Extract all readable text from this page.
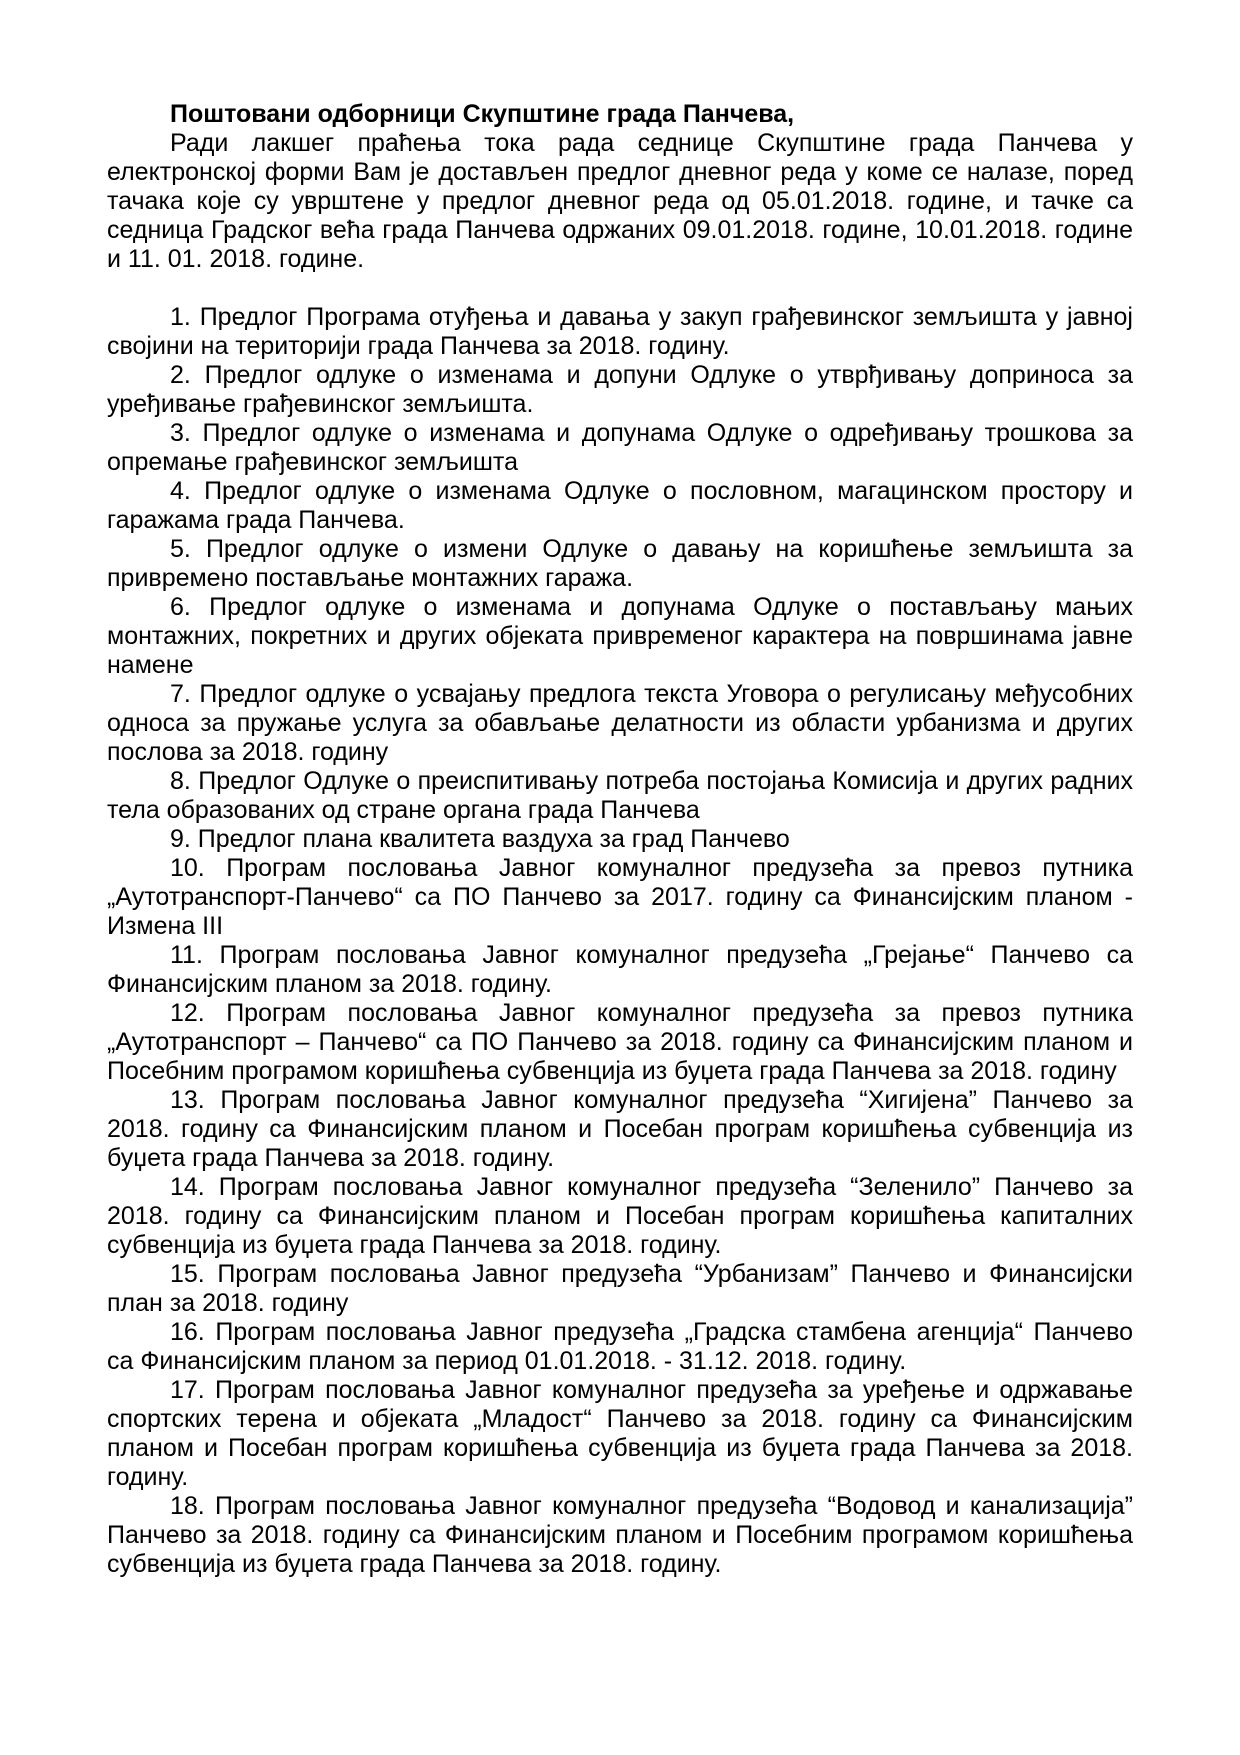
Поштовани одборници Скупштине града Панчева,

Ради лакшег праћења тока рада седнице Скупштине града Панчева у електронској форми Вам је достављен предлог дневног реда у коме се налазе, поред тачака које су уврштене у предлог дневног реда од 05.01.2018. године, и тачке са седница Градског већа града Панчева одржаних 09.01.2018. године, 10.01.2018. године и 11. 01. 2018. године.

1. Предлог Програма отуђења и давања у закуп грађевинског земљишта у јавној својини на територији града Панчева за 2018. годину.

2. Предлог одлуке о изменама и допуни Одлуке о утврђивању доприноса за уређивање грађевинског земљишта.

3. Предлог одлуке о изменама и допунама Одлуке о одређивању трошкова за опремање грађевинског земљишта

4. Предлог одлуке о изменама Одлуке о пословном, магацинском простору и гаражама града Панчева.

5. Предлог одлуке о измени Одлуке о давању на коришћење земљишта за привремено постављање монтажних гаража.

6. Предлог одлуке о изменама и допунама Одлуке о постављању мањих монтажних, покретних и других објеката привременог карактера на површинама јавне намене

7. Предлог одлуке о усвајању предлога текста Уговора о регулисању међусобних односа за пружање услуга за обављање делатности из области урбанизма и других послова за 2018. годину

8. Предлог Одлуке о преиспитивању потреба постојања Комисија и других радних тела образованих од стране органа града Панчева

9. Предлог плана квалитета ваздуха за град Панчево

10. Програм пословања Јавног комуналног предузећа за превоз путника „Аутотранспорт-Панчево“ са ПО Панчево за 2017. годину са Финансијским планом - Измена III

11. Програм пословања Јавног комуналног предузећа „Грејање“ Панчево са Финансијским планом за 2018. годину.

12. Програм пословања Јавног комуналног предузећа за превоз путника „Аутотранспорт – Панчево“ са ПО Панчево за 2018. годину са Финансијским планом и Посебним програмом коришћења субвенција из буџета града Панчева за 2018. годину

13. Програм пословања Јавног комуналног предузећа “Хигијена” Панчево за 2018. годину са Финансијским планом и Посебан програм коришћења субвенција из буџета града Панчева за 2018. годину.

14. Програм пословања Јавног комуналног предузећа “Зеленило” Панчево за 2018. годину са Финансијским планом и Посебан програм коришћења капиталних субвенција из буџета града Панчева за 2018. годину.

15. Програм пословања Јавног предузећа “Урбанизам” Панчево и Финансијски план за 2018. годину

16. Програм пословања Јавног предузећа „Градска стамбена агенција“ Панчево са Финансијским планом за период 01.01.2018. - 31.12. 2018. годину.

17. Програм пословања Јавног комуналног предузећа за уређење и одржавање спортских терена и објеката „Младост“ Панчево за 2018. годину са Финансијским планом и Посебан програм коришћења субвенција из буџета града Панчева за 2018. годину.

18. Програм пословања Јавног комуналног предузећа “Водовод и канализација” Панчево за 2018. годину са Финансијским планом и Посебним програмом коришћења субвенција из буџета града Панчева за 2018. годину.
